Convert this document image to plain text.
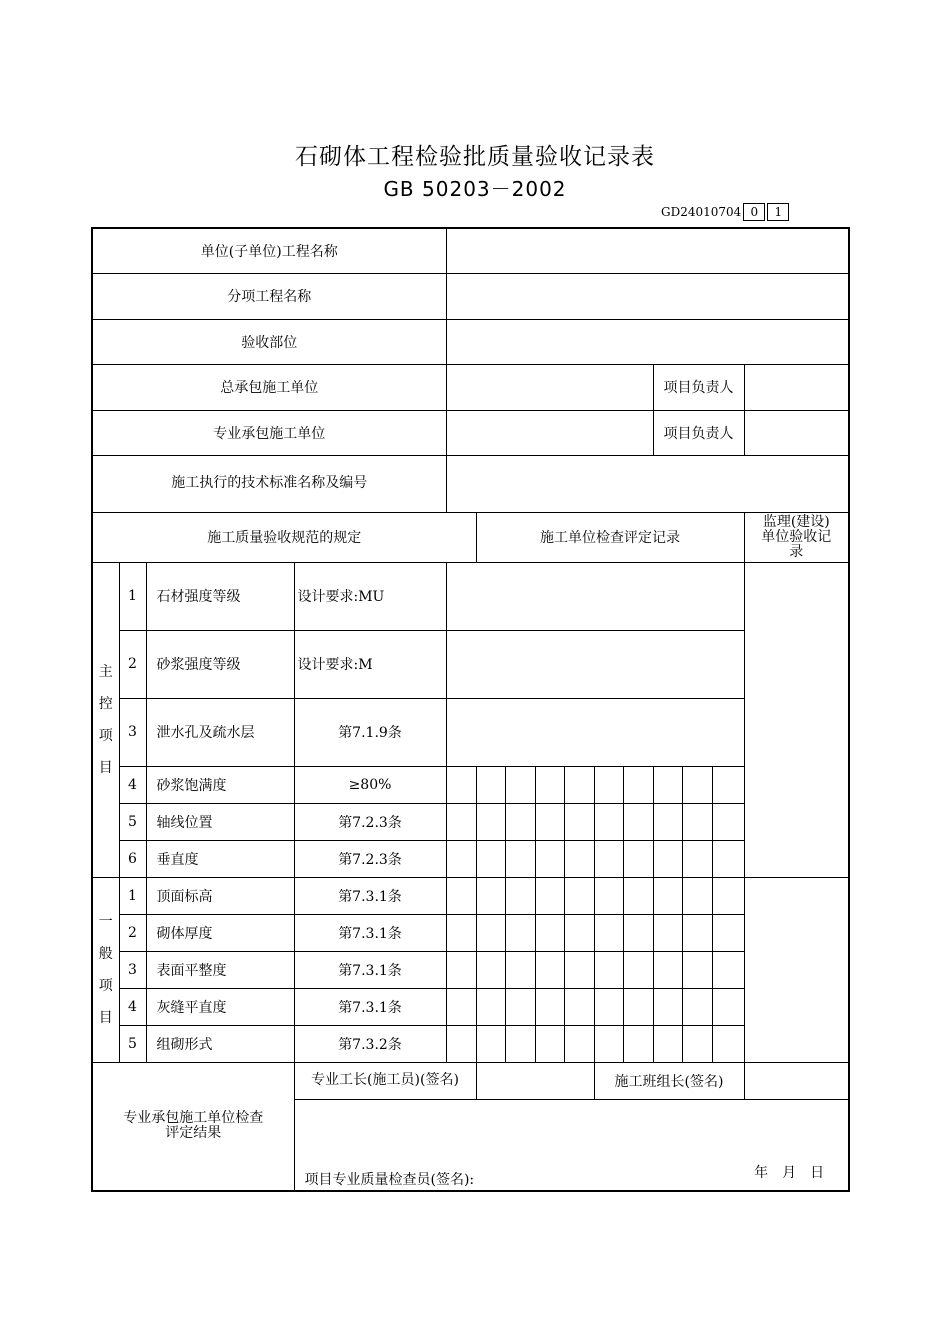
石砌体工程检验批质量验收记录表
GB 50203－2002
GD24010704 0 1
单位(子单位)工程名称														
分项工程名称														
验收部位														
总承包施工单位											项目负责人			
专业承包施工单位											项目负责人			
施工执行的技术标准名称及编号														
施工质量验收规范的规定					施工单位检查评定记录									监理(建设)单位验收记录

主
控
项
目	1	石材强度等级	设计要求:MU											
	2	砂浆强度等级	设计要求:M											
	3	泄水孔及疏水层	第7.1.9条											
	4	砂浆饱满度	≥80%											
	5	轴线位置	第7.2.3条											
	6	垂直度	第7.2.3条											

一
般
项
目	1	顶面标高	第7.3.1条											
	2	砌体厚度	第7.3.1条											
	3	表面平整度	第7.3.1条											
	4	灰缝平直度	第7.3.1条											
	5	组砌形式	第7.3.2条											
专业承包施工单位检查评定结果			专业工长(施工员)(签名)						施工班组长(签名)					

			项目专业质量检查员(签名): 年　月　日											
